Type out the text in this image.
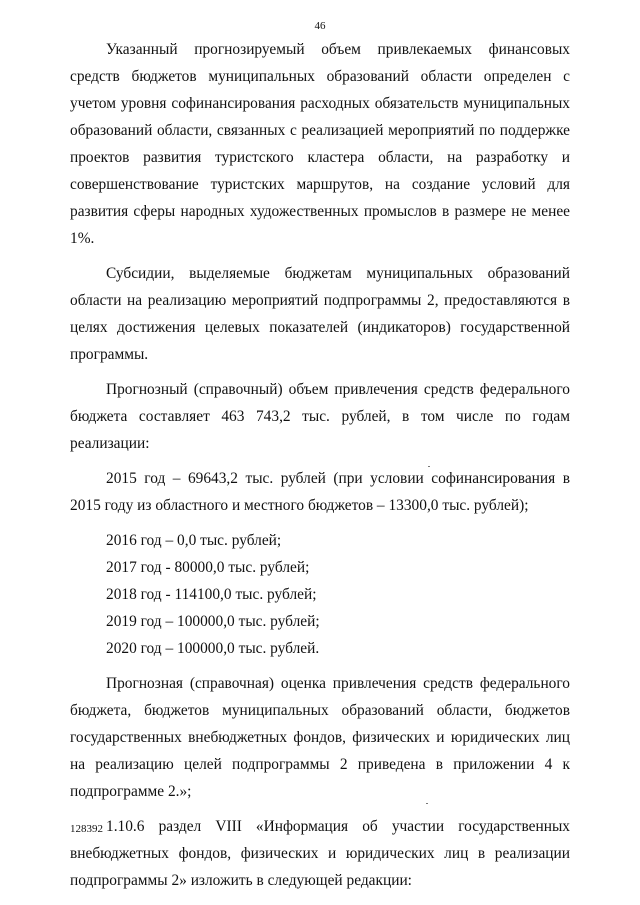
46

Указанный прогнозируемый объем привлекаемых финансовых средств бюджетов муниципальных образований области определен с учетом уровня софинансирования расходных обязательств муниципальных образований области, связанных с реализацией мероприятий по поддержке проектов развития туристского кластера области, на разработку и совершенствование туристских маршрутов, на создание условий для развития сферы народных художественных промыслов в размере не менее 1%.

Субсидии, выделяемые бюджетам муниципальных образований области на реализацию мероприятий подпрограммы 2, предоставляются в целях достижения целевых показателей (индикаторов) государственной программы.

Прогнозный (справочный) объем привлечения средств федерального бюджета составляет 463 743,2 тыс. рублей, в том числе по годам реализации:

2015 год – 69643,2 тыс. рублей (при условии софинансирования в 2015 году из областного и местного бюджетов – 13300,0 тыс. рублей);

2016 год – 0,0 тыс. рублей;

2017 год - 80000,0 тыс. рублей;

2018 год - 114100,0 тыс. рублей;

2019 год – 100000,0 тыс. рублей;

2020 год – 100000,0 тыс. рублей.

Прогнозная (справочная) оценка привлечения средств федерального бюджета, бюджетов муниципальных образований области, бюджетов государственных внебюджетных фондов, физических и юридических лиц на реализацию целей подпрограммы 2 приведена в приложении 4 к подпрограмме 2.»;

1.10.6 раздел VIII «Информация об участии государственных внебюджетных фондов, физических и юридических лиц в реализации подпрограммы 2» изложить в следующей редакции:

128392
